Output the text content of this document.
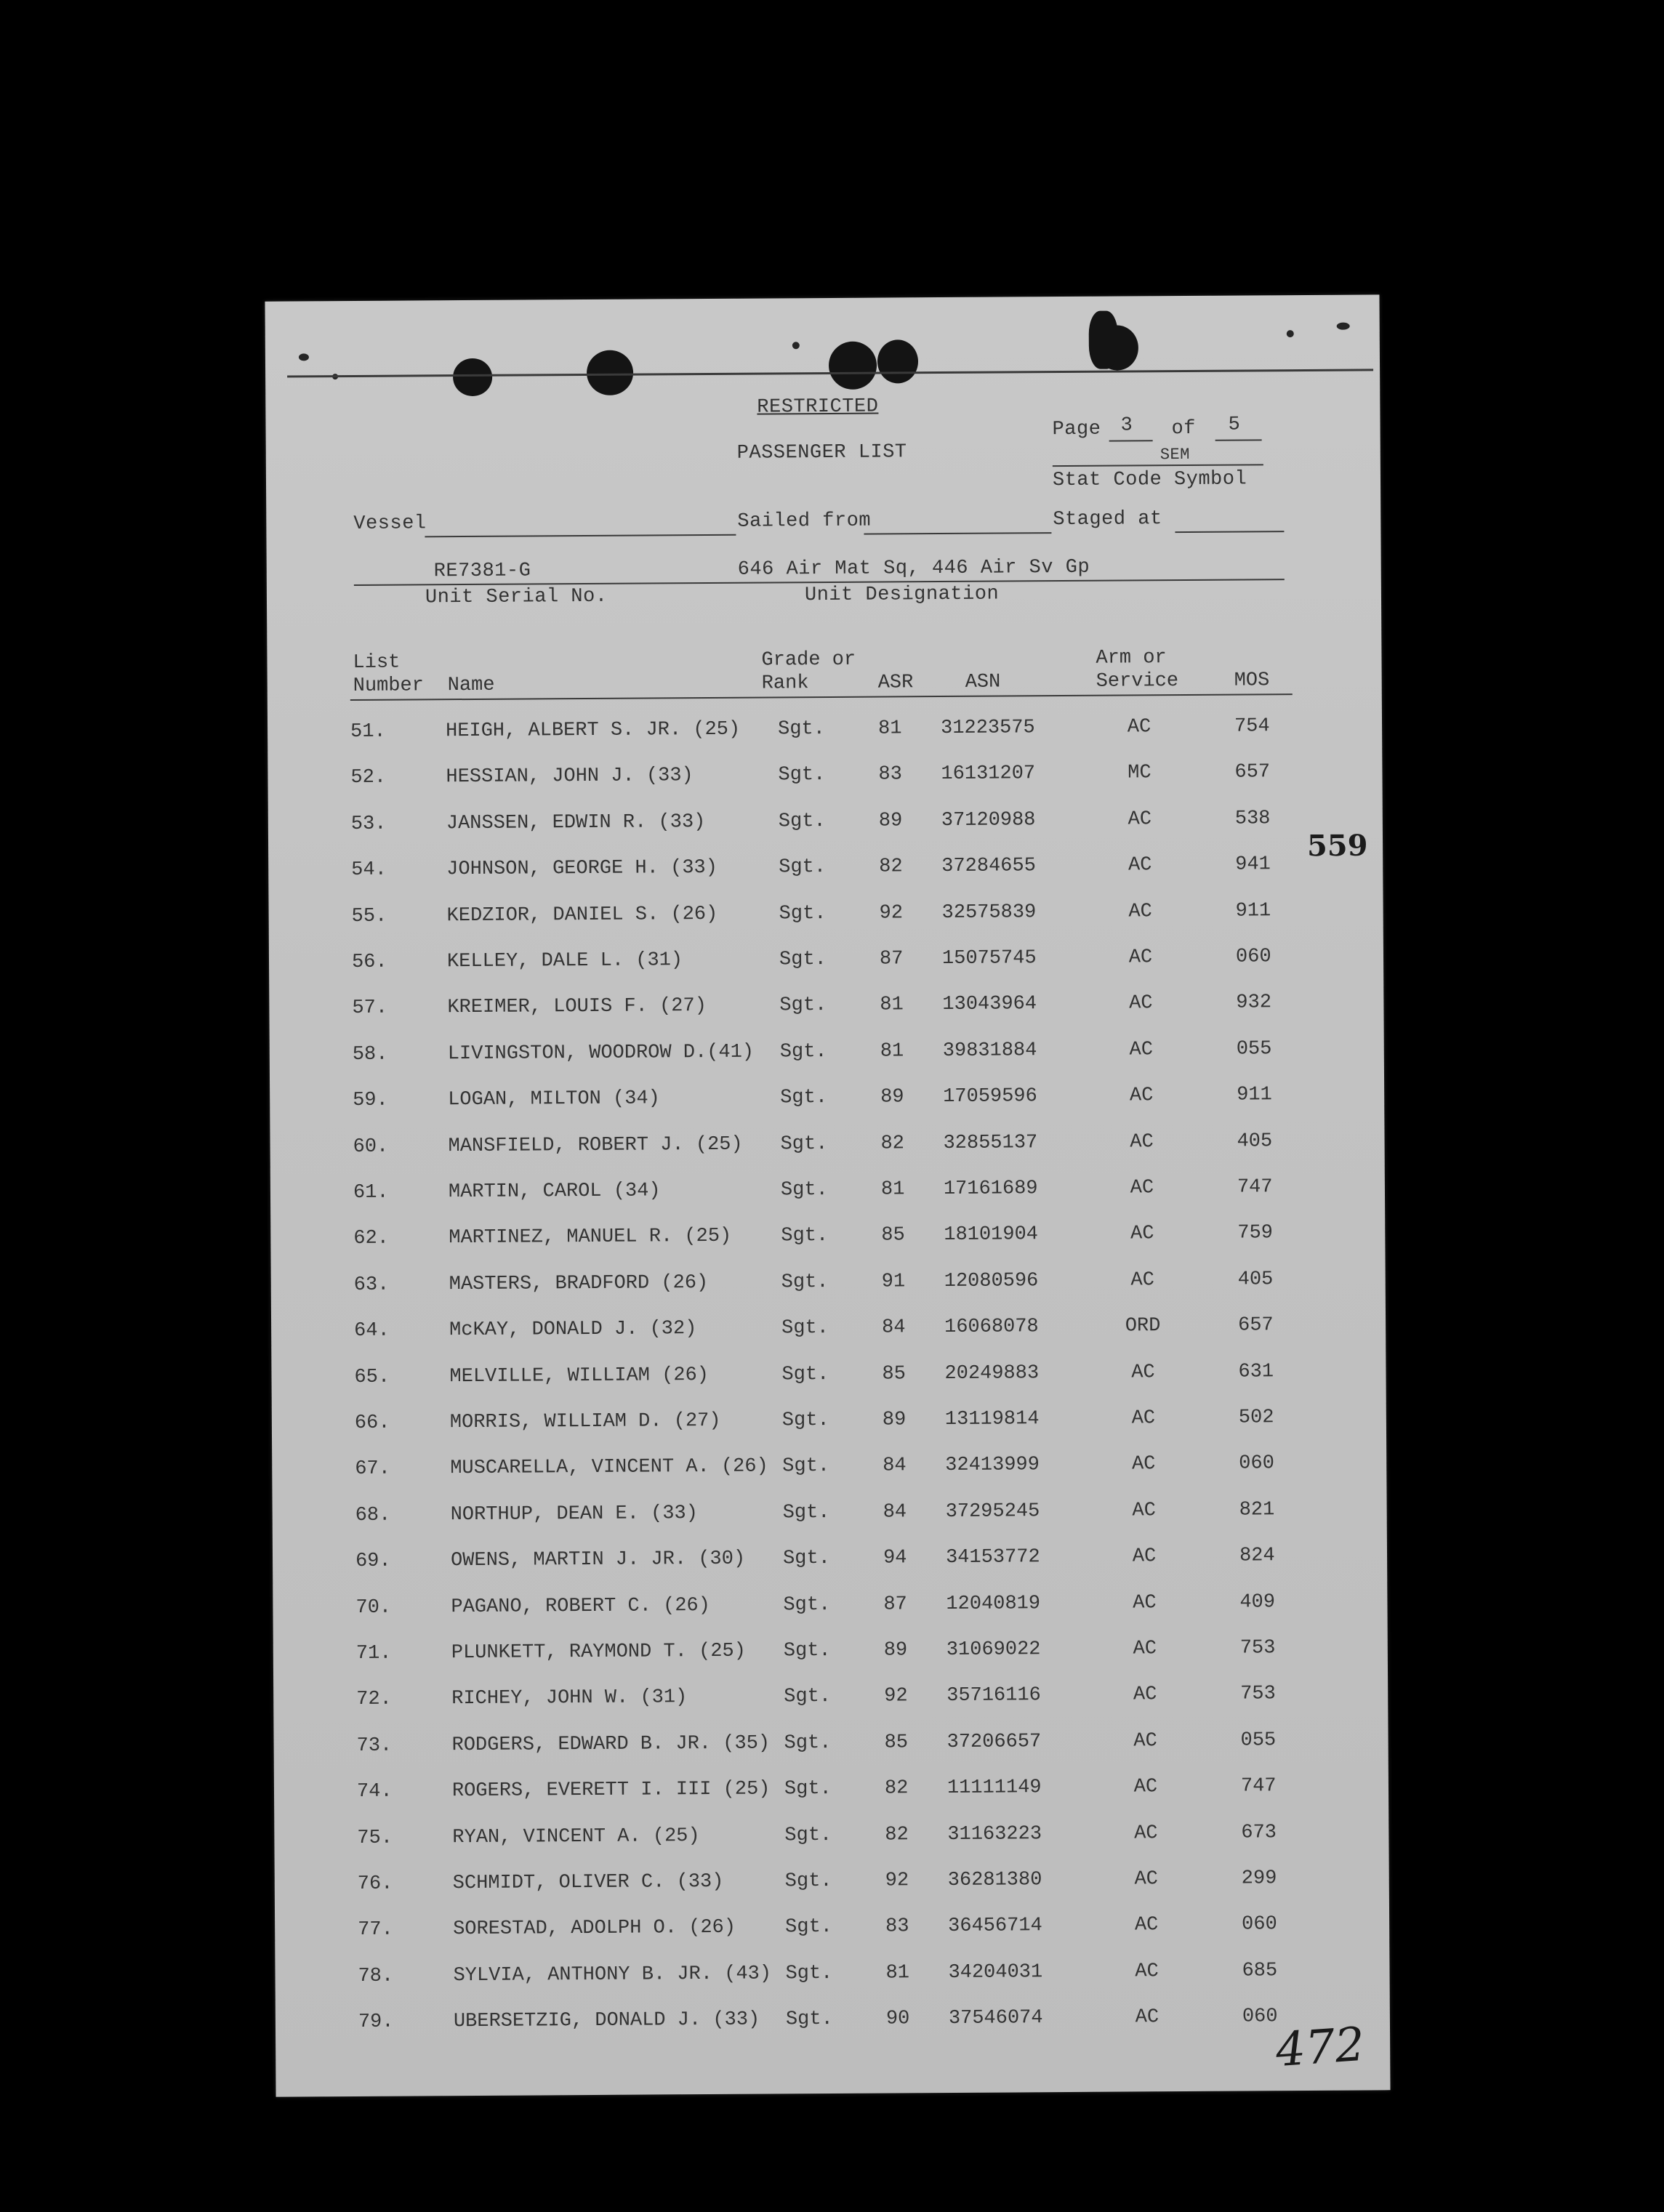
RESTRICTED
PASSENGER LIST
Page 3 of 5
SEM
Stat Code Symbol
Vessel	Sailed from	Staged at
RE7381-G	646 Air Mat Sq, 446 Air Sv Gp
Unit Serial No.	Unit Designation
List
Number Name
Grade or
Rank	ASR	ASN
Arm or
Service	MOS
51.	HEIGH, ALBERT S. JR. (25) Sgt.	81 31223575	AC	754
52.	HESSIAN, JOHN J. (33)	Sgt.	83 16131207	MC	657
53.	JANSSEN, EDWIN R. (33)	Sgt.	89 37120988	AC	538
54.	JOHNSON, GEORGE H. (33)	Sgt.	82 37284655	AC	941
55.	KEDZIOR, DANIEL S. (26)	Sgt.	92 32575839	AC	911
56.	KELLEY, DALE L. (31)	Sgt.	87 15075745	AC	060
57.	KREIMER, LOUIS F. (27)	Sgt.	81 13043964	AC	932
58.	LIVINGSTON, WOODROW D.(41) Sgt.	81 39831884	AC	055
59.	LOGAN, MILTON (34)	Sgt.	89 17059596	AC	911
60.	MANSFIELD, ROBERT J. (25) Sgt.	82 32855137	AC	405
61.	MARTIN, CAROL (34)	Sgt.	81 17161689	AC	747
62.	MARTINEZ, MANUEL R. (25)	Sgt.	85 18101904	AC	759
63.	MASTERS, BRADFORD (26)	Sgt.	91 12080596	AC	405
64.	McKAY, DONALD J. (32)	Sgt.	84 16068078	ORD	657
65.	MELVILLE, WILLIAM (26)	Sgt.	85 20249883	AC	631
66.	MORRIS, WILLIAM D. (27)	Sgt.	89 13119814	AC	502
67.	MUSCARELLA, VINCENT A. (26) Sgt.	84 32413999	AC	060
68.	NORTHUP, DEAN E. (33)	Sgt.	84 37295245	AC	821
69.	OWENS, MARTIN J. JR. (30) Sgt.	94 34153772	AC	824
70.	PAGANO, ROBERT C. (26)	Sgt.	87 12040819	AC	409
71.	PLUNKETT, RAYMOND T. (25) Sgt.	89 31069022	AC	753
72.	RICHEY, JOHN W. (31)	Sgt.	92 35716116	AC	753
73.	RODGERS, EDWARD B. JR. (35) Sgt.	85 37206657	AC	055
74.	ROGERS, EVERETT I. III (25) Sgt.	82 11111149	AC	747
75.	RYAN, VINCENT A. (25)	Sgt.	82 31163223	AC	673
76.	SCHMIDT, OLIVER C. (33)	Sgt.	92 36281380	AC	299
77.	SORESTAD, ADOLPH O. (26)	Sgt.	83 36456714	AC	060
78.	SYLVIA, ANTHONY B. JR. (43) Sgt.	81 34204031	AC	685
79.	UBERSETZIG, DONALD J. (33) Sgt.	90 37546074	AC	060
559
472
